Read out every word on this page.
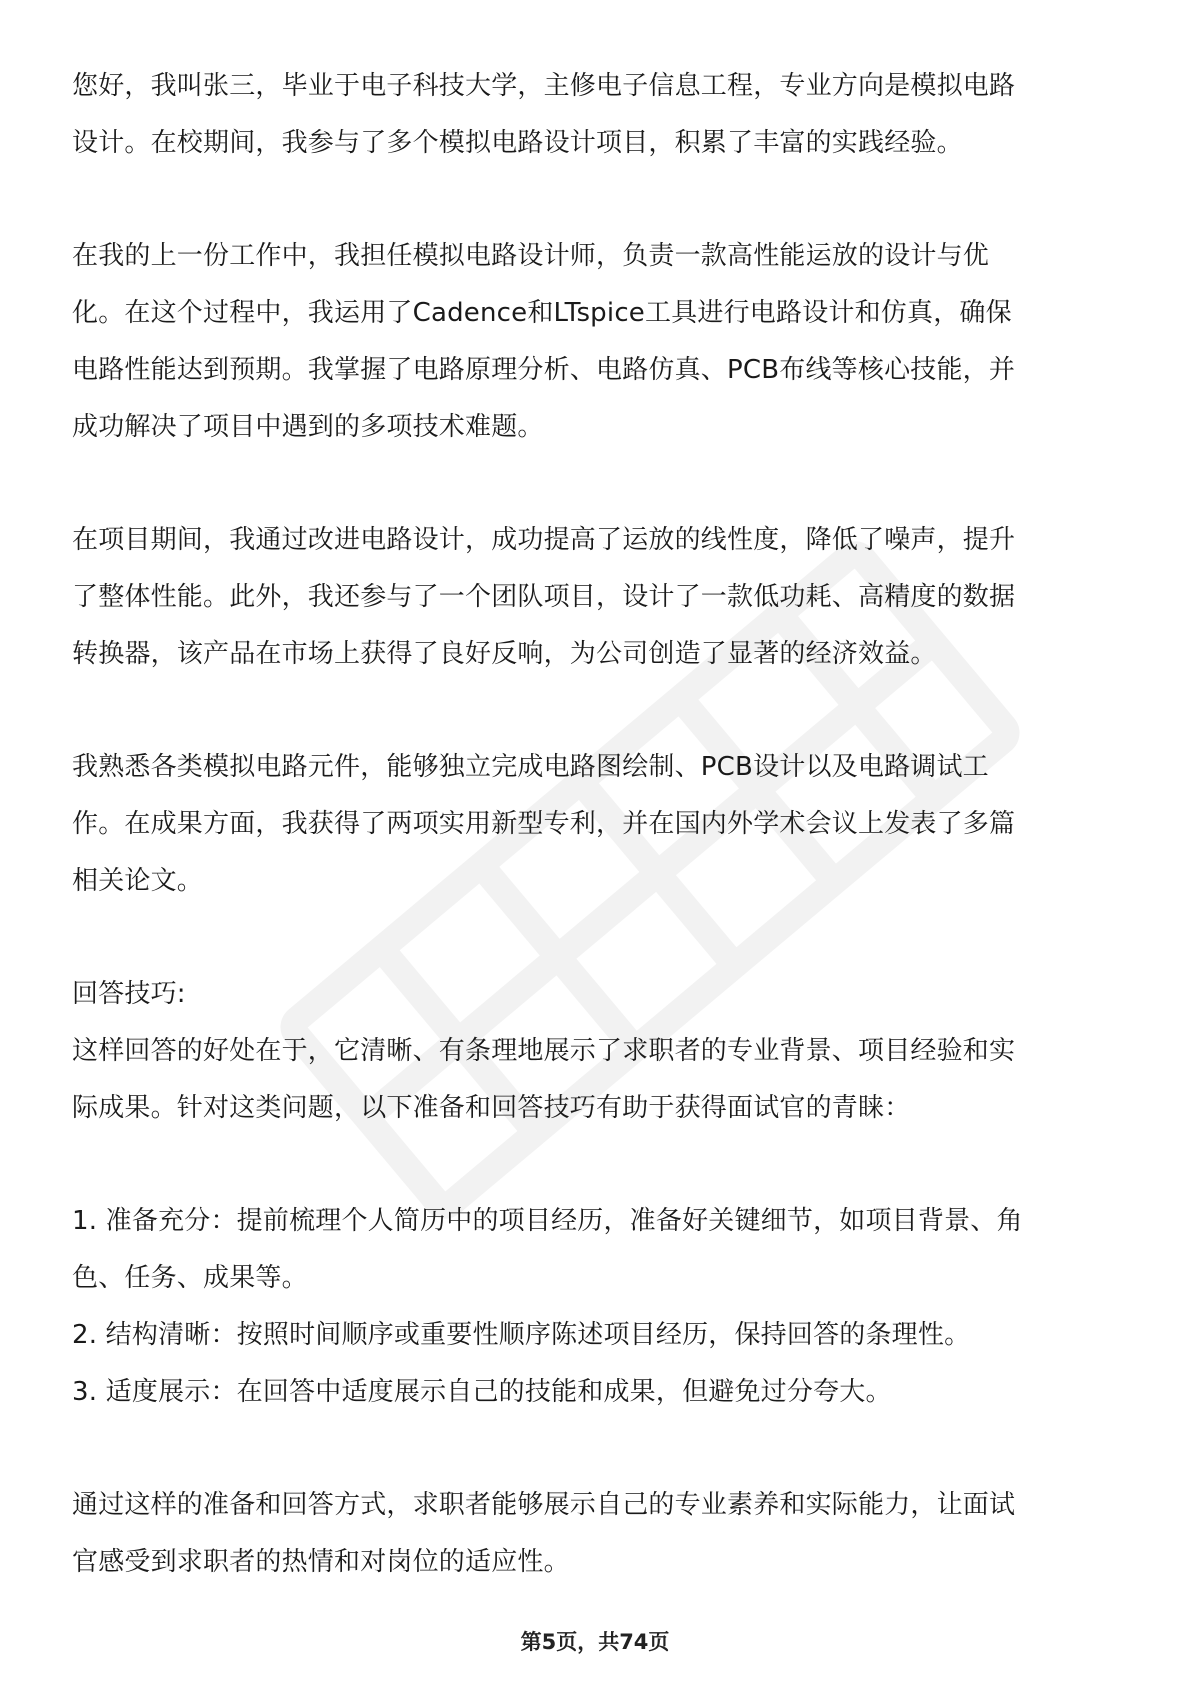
您好，我叫张三，毕业于电子科技大学，主修电子信息工程，专业方向是模拟电路

设计。在校期间，我参与了多个模拟电路设计项目，积累了丰富的实践经验。

在我的上一份工作中，我担任模拟电路设计师，负责一款高性能运放的设计与优

化。在这个过程中，我运用了Cadence和LTspice工具进行电路设计和仿真，确保

电路性能达到预期。我掌握了电路原理分析、电路仿真、PCB布线等核心技能，并

成功解决了项目中遇到的多项技术难题。

在项目期间，我通过改进电路设计，成功提高了运放的线性度，降低了噪声，提升

了整体性能。此外，我还参与了一个团队项目，设计了一款低功耗、高精度的数据

转换器，该产品在市场上获得了良好反响，为公司创造了显著的经济效益。

我熟悉各类模拟电路元件，能够独立完成电路图绘制、PCB设计以及电路调试工

作。在成果方面，我获得了两项实用新型专利，并在国内外学术会议上发表了多篇

相关论文。

回答技巧:

这样回答的好处在于，它清晰、有条理地展示了求职者的专业背景、项目经验和实

际成果。针对这类问题，以下准备和回答技巧有助于获得面试官的青睐：

1. 准备充分：提前梳理个人简历中的项目经历，准备好关键细节，如项目背景、角

色、任务、成果等。

2. 结构清晰：按照时间顺序或重要性顺序陈述项目经历，保持回答的条理性。

3. 适度展示：在回答中适度展示自己的技能和成果，但避免过分夸大。

通过这样的准备和回答方式，求职者能够展示自己的专业素养和实际能力，让面试

官感受到求职者的热情和对岗位的适应性。

第5页，共74页
